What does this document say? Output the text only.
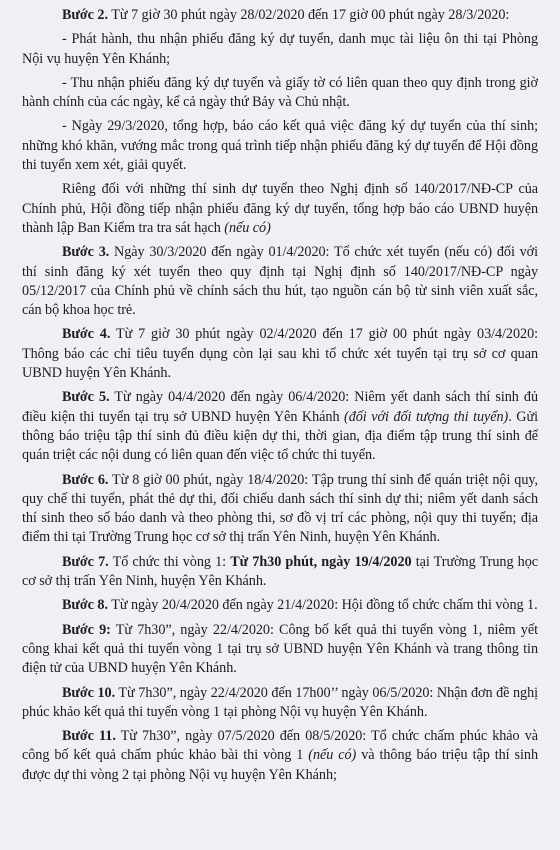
Bước 2. Từ 7 giờ 30 phút ngày 28/02/2020 đến 17 giờ 00 phút ngày 28/3/2020:

- Phát hành, thu nhận phiếu đăng ký dự tuyển, danh mục tài liệu ôn thi tại Phòng Nội vụ huyện Yên Khánh;

- Thu nhận phiếu đăng ký dự tuyển và giấy tờ có liên quan theo quy định trong giờ hành chính của các ngày, kể cả ngày thứ Bảy và Chủ nhật.

- Ngày 29/3/2020, tổng hợp, báo cáo kết quả việc đăng ký dự tuyển của thí sinh; những khó khăn, vướng mắc trong quá trình tiếp nhận phiếu đăng ký dự tuyển để Hội đồng thi tuyển xem xét, giải quyết.

Riêng đối với những thí sinh dự tuyển theo Nghị định số 140/2017/NĐ-CP của Chính phủ, Hội đồng tiếp nhận phiếu đăng ký dự tuyển, tổng hợp báo cáo UBND huyện thành lập Ban Kiểm tra tra sát hạch (nếu có)

Bước 3. Ngày 30/3/2020 đến ngày 01/4/2020: Tổ chức xét tuyển (nếu có) đối với thí sinh đăng ký xét tuyển theo quy định tại Nghị định số 140/2017/NĐ-CP ngày 05/12/2017 của Chính phủ về chính sách thu hút, tạo nguồn cán bộ từ sinh viên xuất sắc, cán bộ khoa học trẻ.

Bước 4. Từ 7 giờ 30 phút ngày 02/4/2020 đến 17 giờ 00 phút ngày 03/4/2020: Thông báo các chỉ tiêu tuyển dụng còn lại sau khi tổ chức xét tuyển tại trụ sở cơ quan UBND huyện Yên Khánh.

Bước 5. Từ ngày 04/4/2020 đến ngày 06/4/2020: Niêm yết danh sách thí sinh đủ điều kiện thi tuyển tại trụ sở UBND huyện Yên Khánh (đối với đối tượng thi tuyển). Gửi thông báo triệu tập thí sinh đủ điều kiện dự thi, thời gian, địa điểm tập trung thí sinh để quán triệt các nội dung có liên quan đến việc tổ chức thi tuyển.

Bước 6. Từ 8 giờ 00 phút, ngày 18/4/2020: Tập trung thí sinh để quán triệt nội quy, quy chế thi tuyển, phát thẻ dự thi, đối chiếu danh sách thí sinh dự thi; niêm yết danh sách thí sinh theo số báo danh và theo phòng thi, sơ đồ vị trí các phòng, nội quy thi tuyển; địa điểm thi tại Trường Trung học cơ sở thị trấn Yên Ninh, huyện Yên Khánh.

Bước 7. Tổ chức thi vòng 1: Từ 7h30 phút, ngày 19/4/2020 tại Trường Trung học cơ sở thị trấn Yên Ninh, huyện Yên Khánh.

Bước 8. Từ ngày 20/4/2020 đến ngày 21/4/2020: Hội đồng tổ chức chấm thi vòng 1.

Bước 9: Từ 7h30”, ngày 22/4/2020: Công bố kết quả thi tuyển vòng 1, niêm yết công khai kết quả thi tuyển vòng 1 tại trụ sở UBND huyện Yên Khánh và trang thông tin điện tử của UBND huyện Yên Khánh.

Bước 10. Từ 7h30”, ngày 22/4/2020 đến 17h00’’ ngày 06/5/2020: Nhận đơn đề nghị phúc khảo kết quả thi tuyển vòng 1 tại phòng Nội vụ huyện Yên Khánh.

Bước 11. Từ 7h30”, ngày 07/5/2020 đến 08/5/2020: Tổ chức chấm phúc khảo và công bố kết quả chấm phúc khảo bài thi vòng 1 (nếu có) và thông báo triệu tập thí sinh được dự thi vòng 2 tại phòng Nội vụ huyện Yên Khánh;
